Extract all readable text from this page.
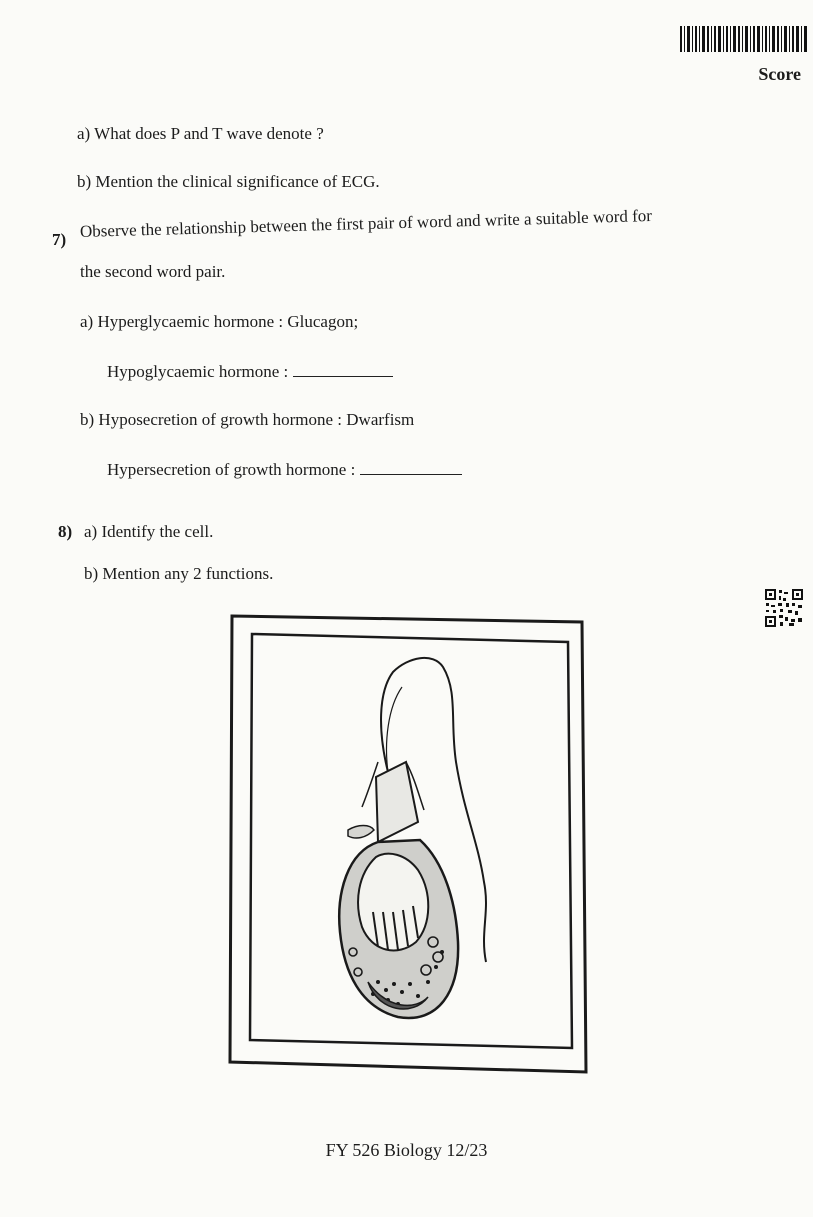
Score
a) What does P and T wave denote ?
b) Mention the clinical significance of ECG.
7) Observe the relationship between the first pair of word and write a suitable word for
the second word pair.
a) Hyperglycaemic hormone : Glucagon;
Hypoglycaemic hormone :
b) Hyposecretion of growth hormone : Dwarfism
Hypersecretion of growth hormone :
8) a) Identify the cell.
b) Mention any 2 functions.
FY 526 Biology 12/23
